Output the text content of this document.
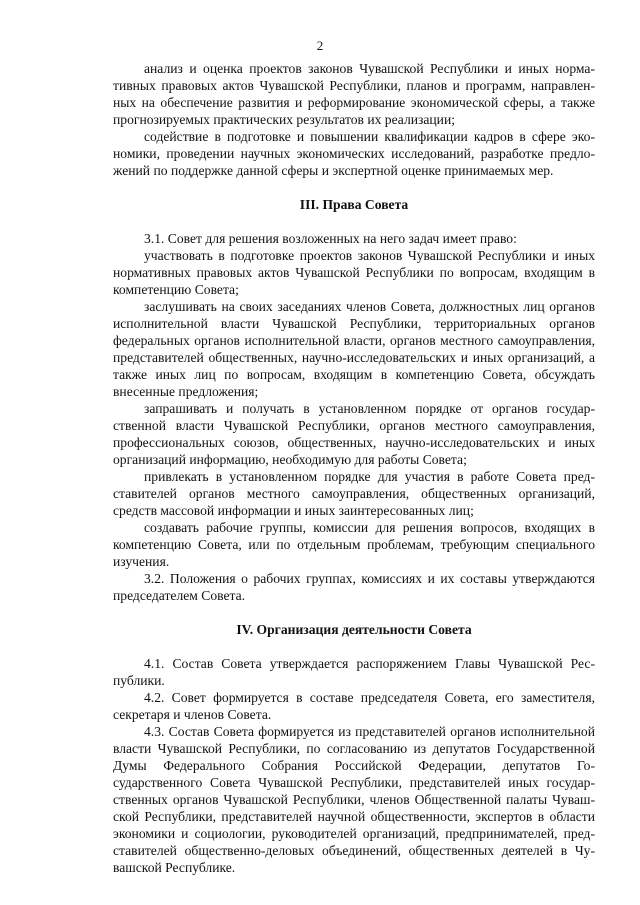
2

анализ и оценка проектов законов Чувашской Республики и иных нормативных правовых актов Чувашской Республики, планов и программ, направленных на обеспечение развития и реформирование экономической сферы, а также прогнозируемых практических результатов их реализации;

содействие в подготовке и повышении квалификации кадров в сфере экономики, проведении научных экономических исследований, разработке предложений по поддержке данной сферы и экспертной оценке принимаемых мер.

III. Права Совета

3.1. Совет для решения возложенных на него задач имеет право:

участвовать в подготовке проектов законов Чувашской Республики и иных нормативных правовых актов Чувашской Республики по вопросам, входящим в компетенцию Совета;

заслушивать на своих заседаниях членов Совета, должностных лиц органов исполнительной власти Чувашской Республики, территориальных органов федеральных органов исполнительной власти, органов местного самоуправления, представителей общественных, научно-исследовательских и иных организаций, а также иных лиц по вопросам, входящим в компетенцию Совета, обсуждать внесенные предложения;

запрашивать и получать в установленном порядке от органов государственной власти Чувашской Республики, органов местного самоуправления, профессиональных союзов, общественных, научно-исследовательских и иных организаций информацию, необходимую для работы Совета;

привлекать в установленном порядке для участия в работе Совета представителей органов местного самоуправления, общественных организаций, средств массовой информации и иных заинтересованных лиц;

создавать рабочие группы, комиссии для решения вопросов, входящих в компетенцию Совета, или по отдельным проблемам, требующим специального изучения.

3.2. Положения о рабочих группах, комиссиях и их составы утверждаются председателем Совета.

IV. Организация деятельности Совета

4.1. Состав Совета утверждается распоряжением Главы Чувашской Республики.

4.2. Совет формируется в составе председателя Совета, его заместителя, секретаря и членов Совета.

4.3. Состав Совета формируется из представителей органов исполнительной власти Чувашской Республики, по согласованию из депутатов Государственной Думы Федерального Собрания Российской Федерации, депутатов Государственного Совета Чувашской Республики, представителей иных государственных органов Чувашской Республики, членов Общественной палаты Чувашской Республики, представителей научной общественности, экспертов в области экономики и социологии, руководителей организаций, предпринимателей, представителей общественно-деловых объединений, общественных деятелей в Чувашской Республике.
